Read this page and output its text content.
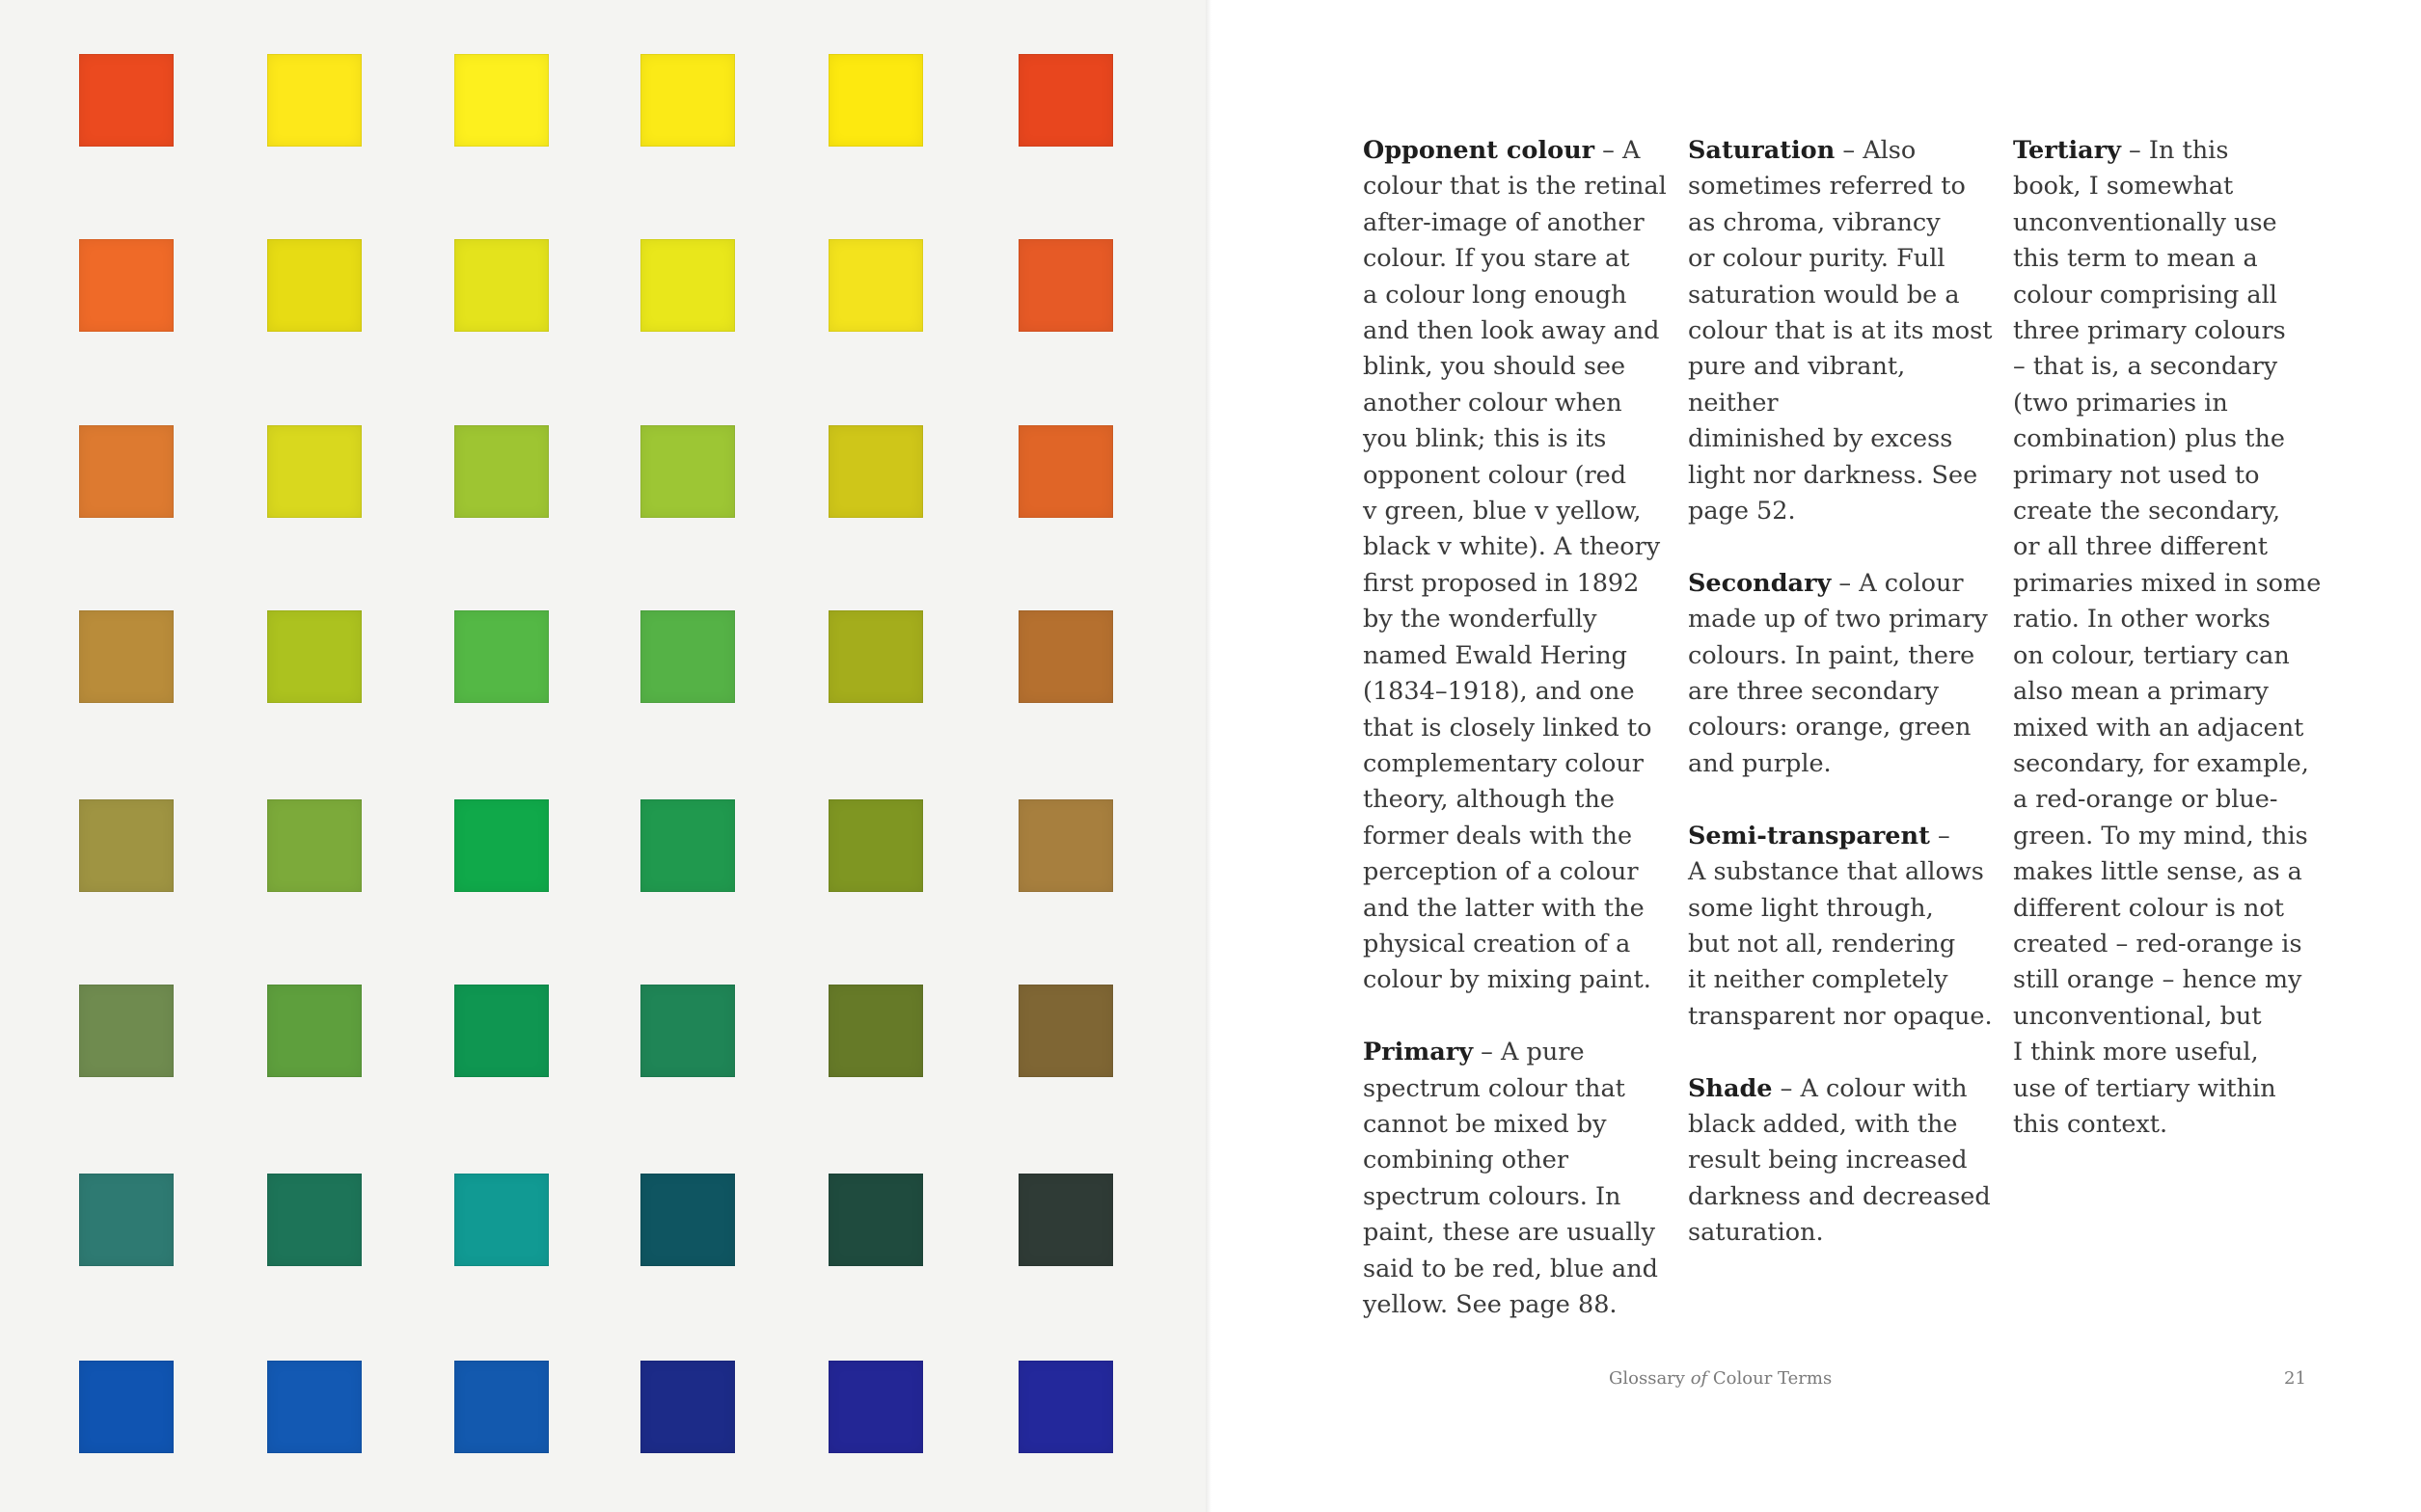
Opponent colour – A
colour that is the retinal
after-image of another
colour. If you stare at
a colour long enough
and then look away and
blink, you should see
another colour when
you blink; this is its
opponent colour (red
v green, blue v yellow,
black v white). A theory
first proposed in 1892
by the wonderfully
named Ewald Hering
(1834–1918), and one
that is closely linked to
complementary colour
theory, although the
former deals with the
perception of a colour
and the latter with the
physical creation of a
colour by mixing paint.

Primary – A pure
spectrum colour that
cannot be mixed by
combining other
spectrum colours. In
paint, these are usually
said to be red, blue and
yellow. See page 88.

Saturation – Also
sometimes referred to
as chroma, vibrancy
or colour purity. Full
saturation would be a
colour that is at its most
pure and vibrant, neither
diminished by excess
light nor darkness. See
page 52.

Secondary – A colour
made up of two primary
colours. In paint, there
are three secondary
colours: orange, green
and purple.

Semi-transparent –
A substance that allows
some light through,
but not all, rendering
it neither completely
transparent nor opaque.

Shade – A colour with
black added, with the
result being increased
darkness and decreased
saturation.

Tertiary – In this
book, I somewhat
unconventionally use
this term to mean a
colour comprising all
three primary colours
– that is, a secondary
(two primaries in
combination) plus the
primary not used to
create the secondary,
or all three different
primaries mixed in some
ratio. In other works
on colour, tertiary can
also mean a primary
mixed with an adjacent
secondary, for example,
a red-orange or blue-
green. To my mind, this
makes little sense, as a
different colour is not
created – red-orange is
still orange – hence my
unconventional, but
I think more useful,
use of tertiary within
this context.

Glossary of Colour Terms	21
